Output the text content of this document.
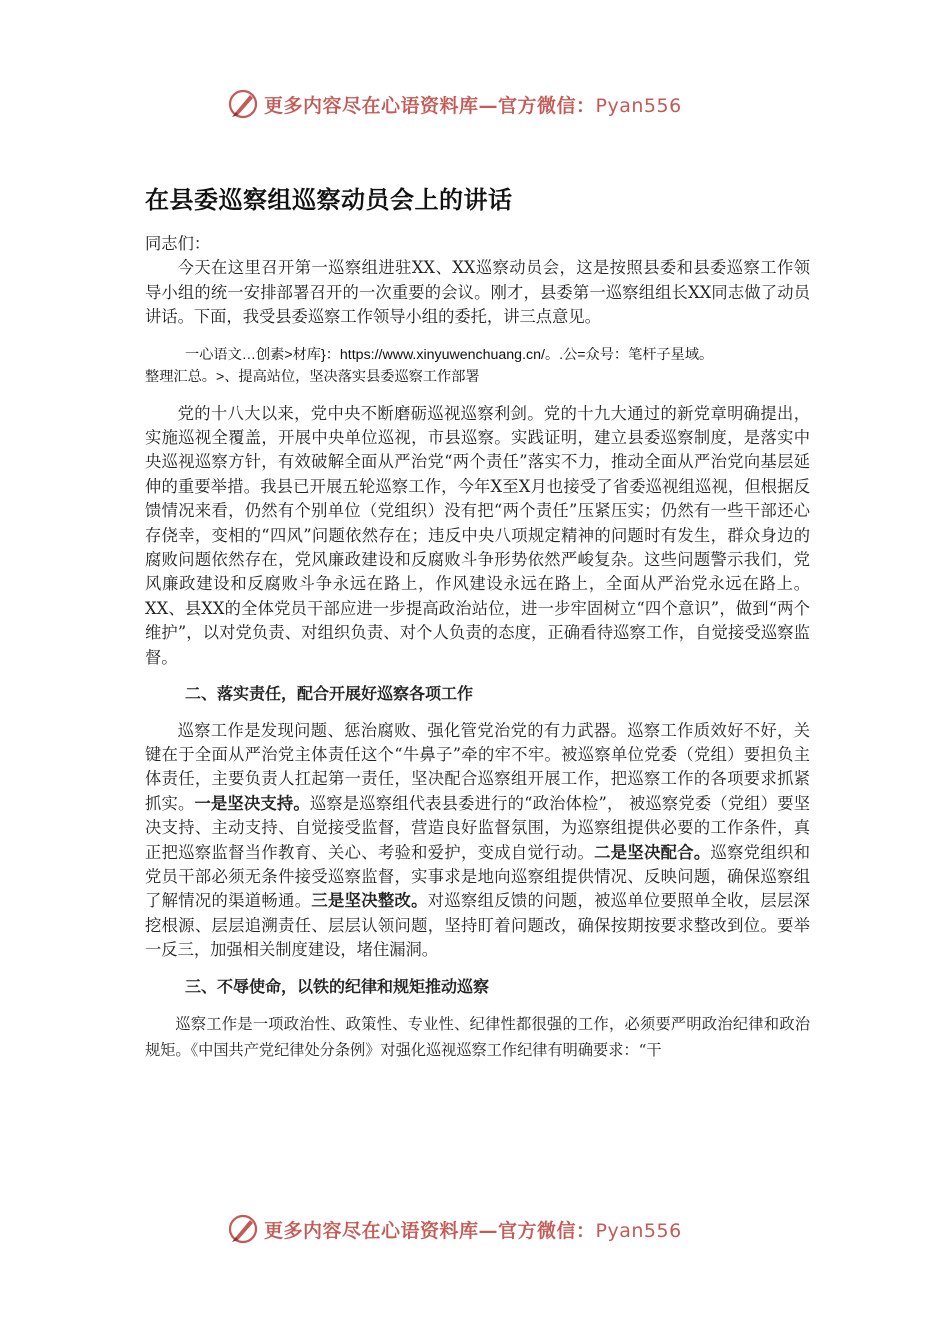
更多内容尽在心语资料库—官方微信：Pyan556
在县委巡察组巡察动员会上的讲话

同志们：

今天在这里召开第一巡察组进驻XX、XX巡察动员会，这是按照县委和县委巡察工作领导小组的统一安排部署召开的一次重要的会议。刚才，县委第一巡察组组长XX同志做了动员讲话。下面，我受县委巡察工作领导小组的委托，讲三点意见。

一心语文…创素>材库}：https://www.xinyuwenchuang.cn/。.公=众号：笔杆子星域。
整理汇总。>、提高站位，坚决落实县委巡察工作部署

党的十八大以来，党中央不断磨砺巡视巡察利剑。党的十九大通过的新党章明确提出，实施巡视全覆盖，开展中央单位巡视，市县巡察。实践证明，建立县委巡察制度，是落实中央巡视巡察方针，有效破解全面从严治党“两个责任”落实不力，推动全面从严治党向基层延伸的重要举措。我县已开展五轮巡察工作，今年X至X月也接受了省委巡视组巡视，但根据反馈情况来看，仍然有个别单位（党组织）没有把“两个责任”压紧压实；仍然有一些干部还心存侥幸，变相的“四风”问题依然存在；违反中央八项规定精神的问题时有发生，群众身边的腐败问题依然存在，党风廉政建设和反腐败斗争形势依然严峻复杂。这些问题警示我们，党风廉政建设和反腐败斗争永远在路上，作风建设永远在路上，全面从严治党永远在路上。XX、县XX的全体党员干部应进一步提高政治站位，进一步牢固树立“四个意识”，做到“两个维护”，以对党负责、对组织负责、对个人负责的态度，正确看待巡察工作，自觉接受巡察监督。

二、落实责任，配合开展好巡察各项工作

巡察工作是发现问题、惩治腐败、强化管党治党的有力武器。巡察工作质效好不好，关键在于全面从严治党主体责任这个“牛鼻子”牵的牢不牢。被巡察单位党委（党组）要担负主体责任，主要负责人扛起第一责任，坚决配合巡察组开展工作，把巡察工作的各项要求抓紧抓实。一是坚决支持。巡察是巡察组代表县委进行的“政治体检”， 被巡察党委（党组）要坚决支持、主动支持、自觉接受监督，营造良好监督氛围，为巡察组提供必要的工作条件，真正把巡察监督当作教育、关心、考验和爱护，变成自觉行动。二是坚决配合。巡察党组织和党员干部必须无条件接受巡察监督，实事求是地向巡察组提供情况、反映问题，确保巡察组了解情况的渠道畅通。三是坚决整改。对巡察组反馈的问题，被巡单位要照单全收，层层深挖根源、层层追溯责任、层层认领问题，坚持盯着问题改，确保按期按要求整改到位。要举一反三，加强相关制度建设，堵住漏洞。

三、不辱使命，以铁的纪律和规矩推动巡察

巡察工作是一项政治性、政策性、专业性、纪律性都很强的工作，必须要严明政治纪律和政治规矩。《中国共产党纪律处分条例》对强化巡视巡察工作纪律有明确要求：“干

更多内容尽在心语资料库—官方微信：Pyan556
